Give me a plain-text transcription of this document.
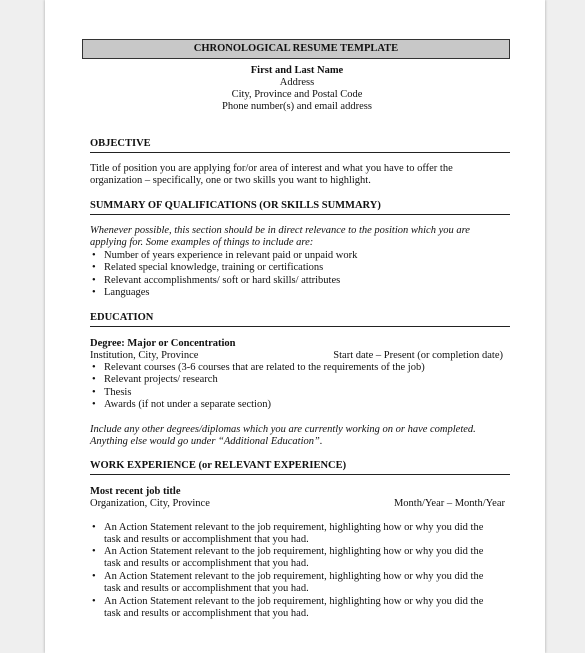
CHRONOLOGICAL RESUME TEMPLATE
First and Last Name
Address
City, Province and Postal Code
Phone number(s) and email address
OBJECTIVE
Title of position you are applying for/or area of interest and what you have to offer the
organization – specifically, one or two skills you want to highlight.
SUMMARY OF QUALIFICATIONS (OR SKILLS SUMMARY)
Whenever possible, this section should be in direct relevance to the position which you are
applying for. Some examples of things to include are:
• Number of years experience in relevant paid or unpaid work
• Related special knowledge, training or certifications
• Relevant accomplishments/ soft or hard skills/ attributes
• Languages
EDUCATION
Degree: Major or Concentration
Institution, City, Province	Start date – Present (or completion date)
• Relevant courses (3-6 courses that are related to the requirements of the job)
• Relevant projects/ research
• Thesis
• Awards (if not under a separate section)
Include any other degrees/diplomas which you are currently working on or have completed.
Anything else would go under “Additional Education”.
WORK EXPERIENCE (or RELEVANT EXPERIENCE)
Most recent job title
Organization, City, Province	Month/Year – Month/Year
• An Action Statement relevant to the job requirement, highlighting how or why you did the
task and results or accomplishment that you had.
• An Action Statement relevant to the job requirement, highlighting how or why you did the
task and results or accomplishment that you had.
• An Action Statement relevant to the job requirement, highlighting how or why you did the
task and results or accomplishment that you had.
• An Action Statement relevant to the job requirement, highlighting how or why you did the
task and results or accomplishment that you had.
